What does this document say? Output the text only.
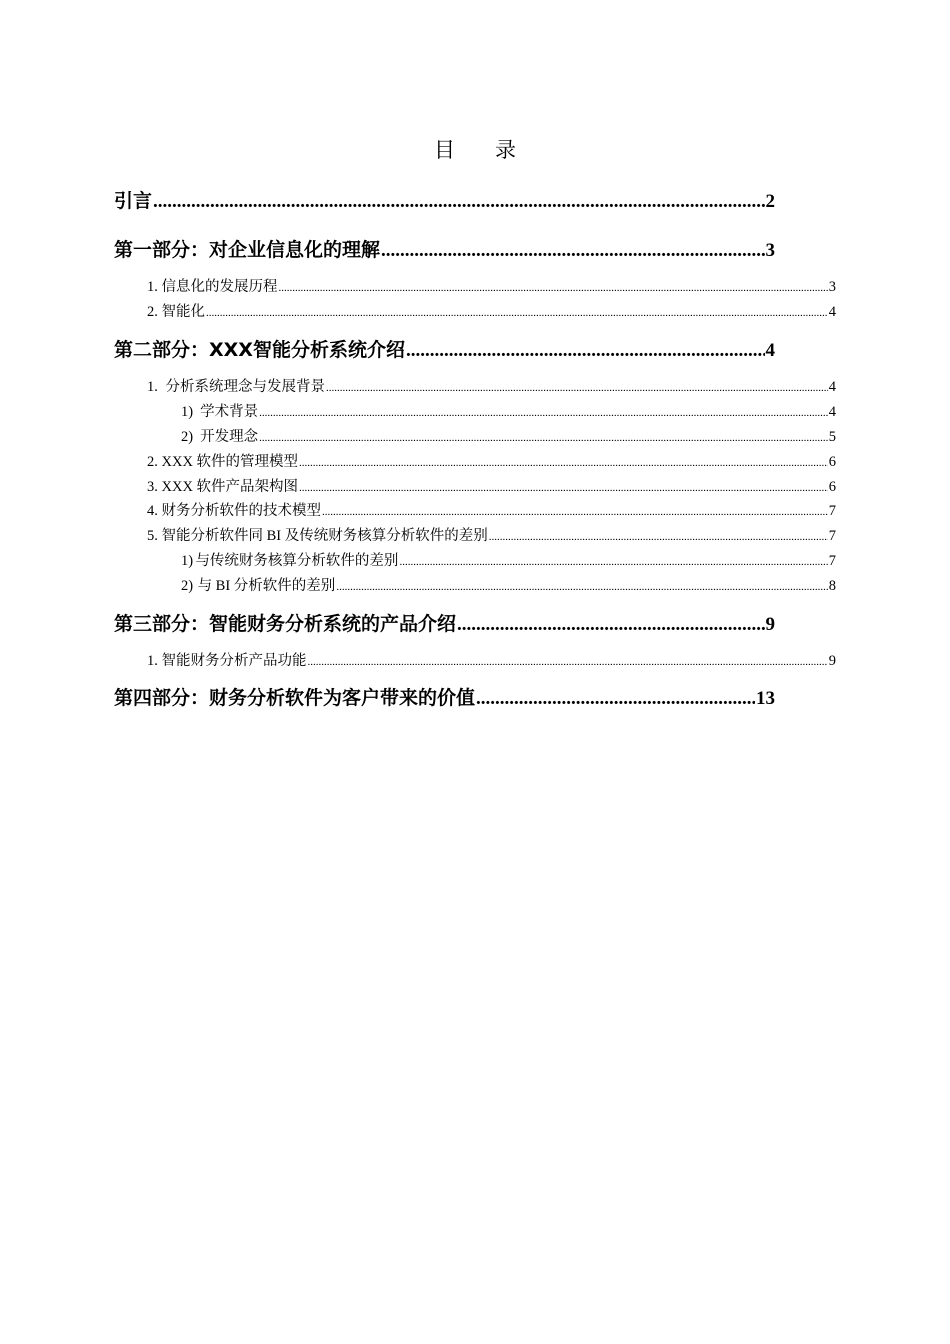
目 录
引言 .....	2
第一部分：对企业信息化的理解 .....	3
1. 信息化的发展历程 .....	3
2. 智能化 .....	4
第二部分：XXX智能分析系统介绍 .....	4
1. 分析系统理念与发展背景 .....	4
1) 学术背景 .....	4
2) 开发理念 .....	5
2. XXX 软件的管理模型 .....	6
3. XXX 软件产品架构图 .....	6
4. 财务分析软件的技术模型 .....	7
5. 智能分析软件同 BI 及传统财务核算分析软件的差别 .....	7
1) 与传统财务核算分析软件的差别 .....	7
2) 与 BI 分析软件的差别 .....	8
第三部分：智能财务分析系统的产品介绍 .....	9
1. 智能财务分析产品功能 .....	9
第四部分：财务分析软件为客户带来的价值 .....	13
